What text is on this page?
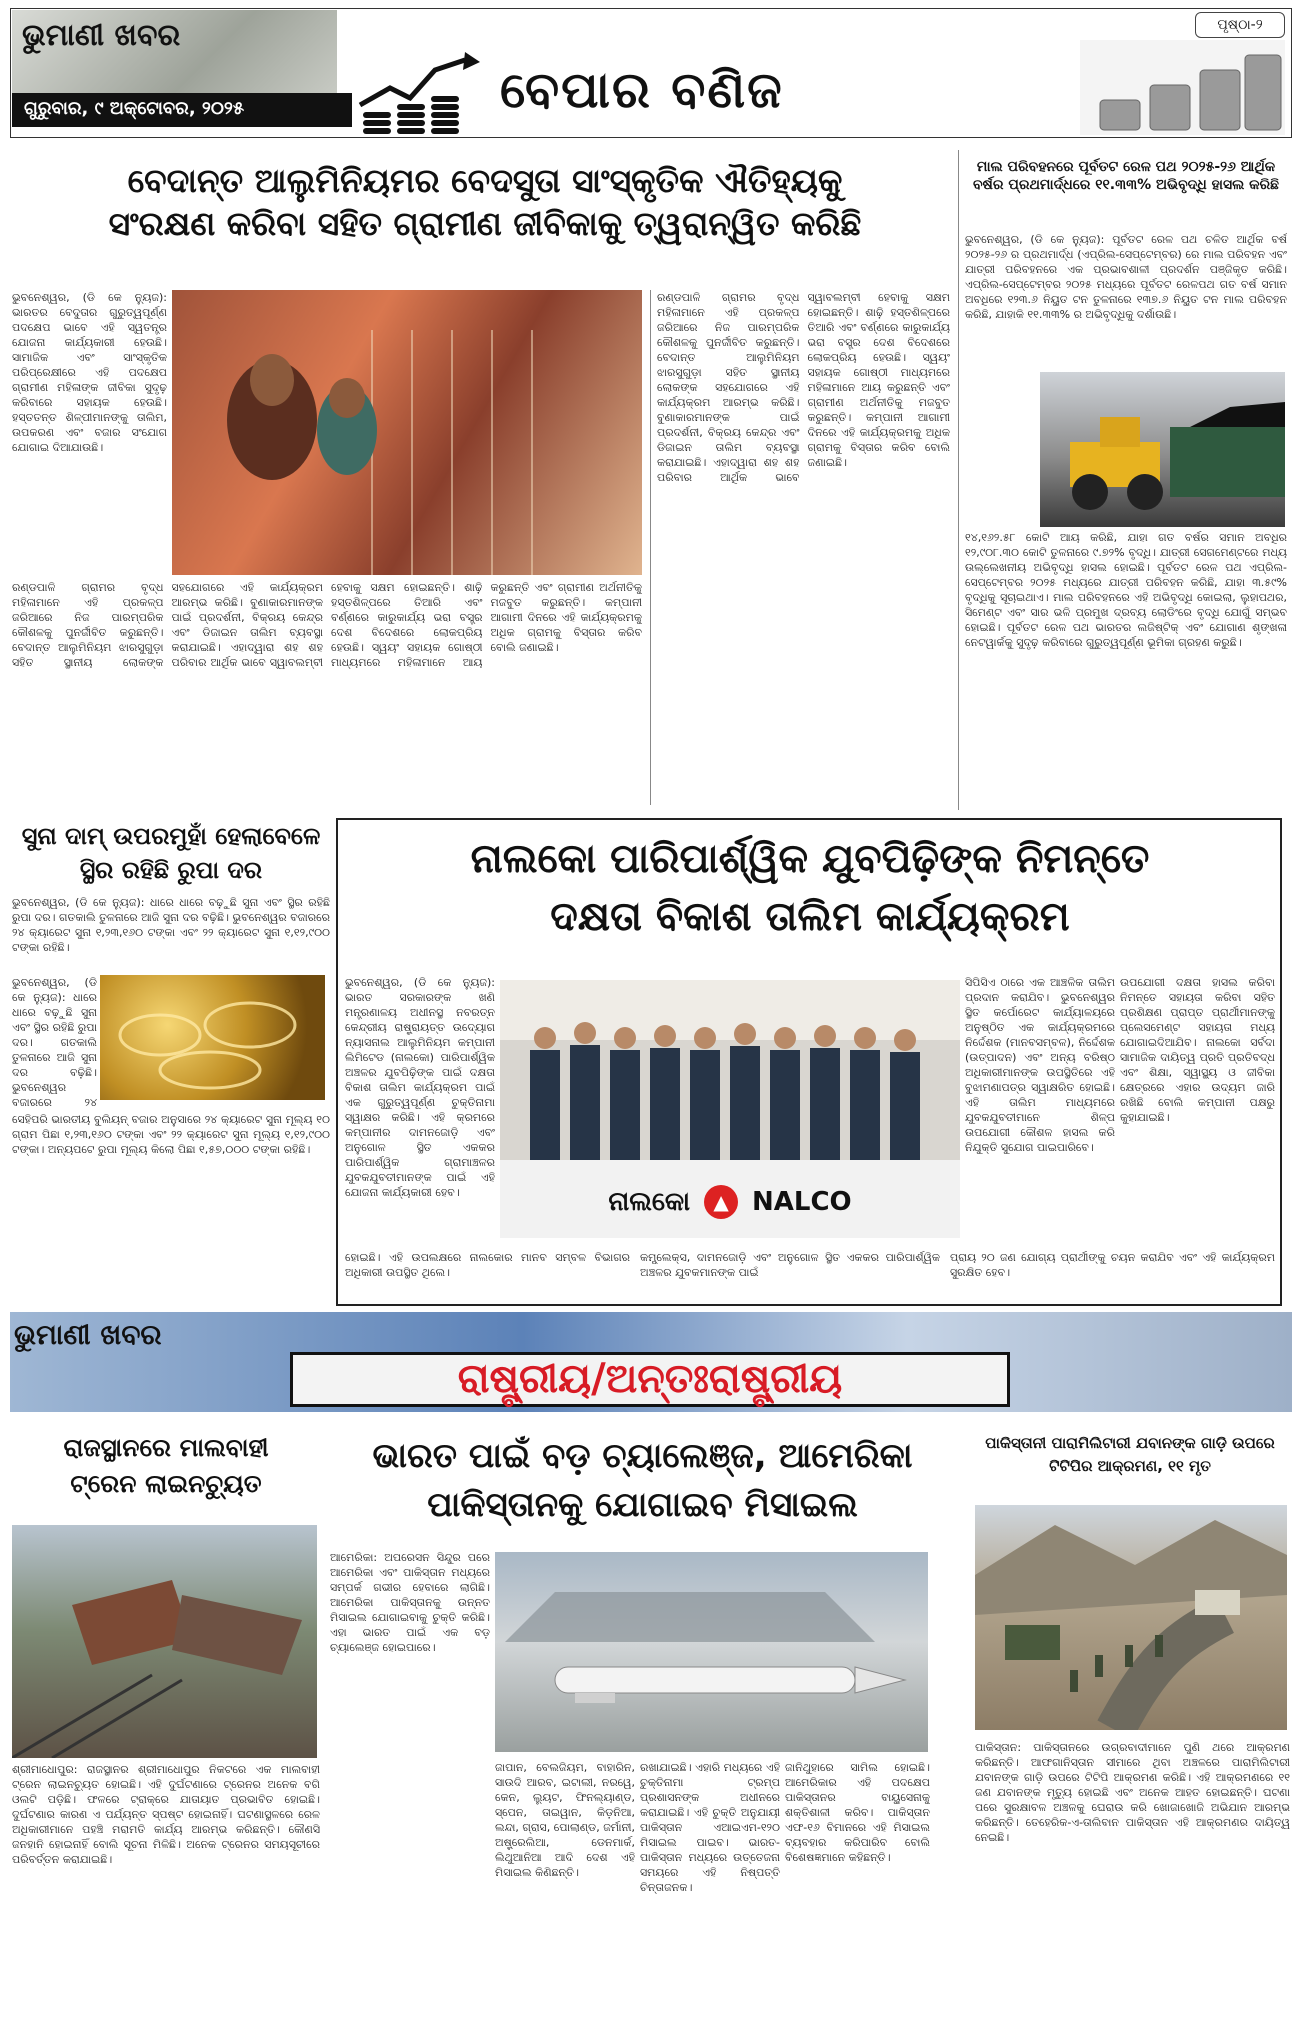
ଭୁମାଣୀ ଖବର
ଗୁରୁବାର, ୯ ଅକ୍ଟୋବର, ୨୦୨୫	ବେପାର ବଣିଜ
ପୃଷ୍ଠା-୨
ବେଦାନ୍ତ ଆଲୁମିନିୟମର ବେଦସୁତା ସାଂସ୍କୃତିକ ଐତିହ୍ୟକୁ
ସଂରକ୍ଷଣ କରିବା ସହିତ ଗ୍ରାମୀଣ ଜୀବିକାକୁ ତ୍ୱରାନ୍ୱିତ କରିଛି
ଭୁବନେଶ୍ୱର, (ଡି କେ ନ୍ୟୁଜ): ଭାରତର ବେଦୁତାର ଗୁରୁତ୍ୱପୂର୍ଣ୍ଣ ପଦକ୍ଷେପ ଭାବେ ଏହି ସ୍ୱତନ୍ତ୍ର ଯୋଜନା କାର୍ଯ୍ୟକାରୀ ହେଉଛି। ସାମାଜିକ ଏବଂ ସାଂସ୍କୃତିକ ପରିପ୍ରେକ୍ଷୀରେ ଏହି ପଦକ୍ଷେପ ଗ୍ରାମୀଣ ମହିଳାଙ୍କ ଜୀବିକା ସୁଦୃଢ଼ କରିବାରେ ସହାୟକ ହେଉଛି। ହସ୍ତତନ୍ତ ଶିଳ୍ପୀମାନଙ୍କୁ ତାଲିମ, ଉପକରଣ ଏବଂ ବଜାର ସଂଯୋଗ ଯୋଗାଇ ଦିଆଯାଉଛି।
ରଣ୍ଡପାଳି ଗ୍ରାମର ବୃଦ୍ଧ ମହିଳାମାନେ ଏହି ପ୍ରକଳ୍ପ ଜରିଆରେ ନିଜ ପାରମ୍ପରିକ କୌଶଳକୁ ପୁନର୍ଜୀବିତ କରୁଛନ୍ତି। ବେଦାନ୍ତ ଆଲୁମିନିୟମ ଝାରସୁଗୁଡ଼ା ସହିତ ସ୍ଥାନୀୟ ଲୋକଙ୍କ ସହଯୋଗରେ ଏହି କାର୍ଯ୍ୟକ୍ରମ ଆରମ୍ଭ କରିଛି। ବୁଣାକାରମାନଙ୍କ ପାଇଁ ପ୍ରଦର୍ଶନୀ, ବିକ୍ରୟ କେନ୍ଦ୍ର ଏବଂ ଡିଜାଇନ ତାଲିମ ବ୍ୟବସ୍ଥା କରାଯାଇଛି। ଏହାଦ୍ୱାରା ଶହ ଶହ ପରିବାର ଆର୍ଥିକ ଭାବେ ସ୍ୱାବଲମ୍ବୀ ହେବାକୁ ସକ୍ଷମ ହୋଇଛନ୍ତି। ଶାଢ଼ି ହସ୍ତଶିଳ୍ପରେ ତିଆରି ଏବଂ ବର୍ଣ୍ଣରେ କାରୁକାର୍ଯ୍ୟ ଭରା ବସ୍ତ୍ର ଦେଶ ବିଦେଶରେ ଲୋକପ୍ରିୟ ହେଉଛି। ସ୍ୱୟଂ ସହାୟକ ଗୋଷ୍ଠୀ ମାଧ୍ୟମରେ ମହିଳାମାନେ ଆୟ କରୁଛନ୍ତି ଏବଂ ଗ୍ରାମୀଣ ଅର୍ଥନୀତିକୁ ମଜବୁତ କରୁଛନ୍ତି। କମ୍ପାନୀ ଆଗାମୀ ଦିନରେ ଏହି କାର୍ଯ୍ୟକ୍ରମକୁ ଅଧିକ ଗ୍ରାମକୁ ବିସ୍ତାର କରିବ ବୋଲି ଜଣାଇଛି।
ରଣ୍ଡପାଳି ଗ୍ରାମର ବୃଦ୍ଧ ମହିଳାମାନେ ଏହି ପ୍ରକଳ୍ପ ଜରିଆରେ ନିଜ ପାରମ୍ପରିକ କୌଶଳକୁ ପୁନର୍ଜୀବିତ କରୁଛନ୍ତି। ବେଦାନ୍ତ ଆଲୁମିନିୟମ ଝାରସୁଗୁଡ଼ା ସହିତ ସ୍ଥାନୀୟ ଲୋକଙ୍କ ସହଯୋଗରେ ଏହି କାର୍ଯ୍ୟକ୍ରମ ଆରମ୍ଭ କରିଛି। ବୁଣାକାରମାନଙ୍କ ପାଇଁ ପ୍ରଦର୍ଶନୀ, ବିକ୍ରୟ କେନ୍ଦ୍ର ଏବଂ ଡିଜାଇନ ତାଲିମ ବ୍ୟବସ୍ଥା କରାଯାଇଛି। ଏହାଦ୍ୱାରା ଶହ ଶହ ପରିବାର ଆର୍ଥିକ ଭାବେ ସ୍ୱାବଲମ୍ବୀ ହେବାକୁ ସକ୍ଷମ ହୋଇଛନ୍ତି। ଶାଢ଼ି ହସ୍ତଶିଳ୍ପରେ ତିଆରି ଏବଂ ବର୍ଣ୍ଣରେ କାରୁକାର୍ଯ୍ୟ ଭରା ବସ୍ତ୍ର ଦେଶ ବିଦେଶରେ ଲୋକପ୍ରିୟ ହେଉଛି। ସ୍ୱୟଂ ସହାୟକ ଗୋଷ୍ଠୀ ମାଧ୍ୟମରେ ମହିଳାମାନେ ଆୟ କରୁଛନ୍ତି ଏବଂ ଗ୍ରାମୀଣ ଅର୍ଥନୀତିକୁ ମଜବୁତ କରୁଛନ୍ତି। କମ୍ପାନୀ ଆଗାମୀ ଦିନରେ ଏହି କାର୍ଯ୍ୟକ୍ରମକୁ ଅଧିକ ଗ୍ରାମକୁ ବିସ୍ତାର କରିବ ବୋଲି ଜଣାଇଛି।
ମାଲ ପରିବହନରେ ପୂର୍ବତଟ ରେଳ ପଥ ୨୦୨୫-୨୬ ଆର୍ଥିକ ବର୍ଷର ପ୍ରଥମାର୍ଦ୍ଧରେ ୧୧.୩୩% ଅଭିବୃଦ୍ଧି ହାସଲ କରିଛି
ଭୁବନେଶ୍ୱର, (ଡି କେ ନ୍ୟୁଜ): ପୂର୍ବତଟ ରେଳ ପଥ ଚଳିତ ଆର୍ଥିକ ବର୍ଷ ୨୦୨୫-୨୬ ର ପ୍ରଥମାର୍ଦ୍ଧ (ଏପ୍ରିଲ-ସେପ୍ଟେମ୍ବର) ରେ ମାଲ ପରିବହନ ଏବଂ ଯାତ୍ରୀ ପରିବହନରେ ଏକ ପ୍ରଭାବଶାଳୀ ପ୍ରଦର୍ଶନ ପଞ୍ଜିକୃତ କରିଛି। ଏପ୍ରିଲ-ସେପ୍ଟେମ୍ବର ୨୦୨୫ ମଧ୍ୟରେ ପୂର୍ବତଟ ରେଳପଥ ଗତ ବର୍ଷ ସମାନ ଅବଧିରେ ୧୨୩.୬ ନିୟୁତ ଟନ ତୁଳନାରେ ୧୩୭.୬ ନିୟୁତ ଟନ ମାଲ ପରିବହନ କରିଛି, ଯାହାକି ୧୧.୩୩% ର ଅଭିବୃଦ୍ଧିକୁ ଦର୍ଶାଉଛି।
୧୪,୧୬୨.୫୮ କୋଟି ଆୟ କରିଛି, ଯାହା ଗତ ବର୍ଷର ସମାନ ଅବଧିର ୧୨,୯୦୮.୩୦ କୋଟି ତୁଳନାରେ ୯.୭୨% ବୃଦ୍ଧି। ଯାତ୍ରୀ ସେଗମେଣ୍ଟରେ ମଧ୍ୟ ଉଲ୍ଲେଖନୀୟ ଅଭିବୃଦ୍ଧି ହାସଲ ହୋଇଛି। ପୂର୍ବତଟ ରେଳ ପଥ ଏପ୍ରିଲ-ସେପ୍ଟେମ୍ବର ୨୦୨୫ ମଧ୍ୟରେ ଯାତ୍ରୀ ପରିବହନ କରିଛି, ଯାହା ୩.୫୯% ବୃଦ୍ଧିକୁ ସୂଚାଇଥାଏ। ମାଲ ପରିବହନରେ ଏହି ଅଭିବୃଦ୍ଧି କୋଇଲା, ଲୁହାପଥର, ସିମେଣ୍ଟ ଏବଂ ସାର ଭଳି ପ୍ରମୁଖ ଦ୍ରବ୍ୟ ଲୋଡିଂରେ ବୃଦ୍ଧି ଯୋଗୁଁ ସମ୍ଭବ ହୋଇଛି। ପୂର୍ବତଟ ରେଳ ପଥ ଭାରତର ଲଜିଷ୍ଟିକ୍ ଏବଂ ଯୋଗାଣ ଶୃଙ୍ଖଳା ନେଟୱାର୍କକୁ ସୁଦୃଢ଼ କରିବାରେ ଗୁରୁତ୍ୱପୂର୍ଣ୍ଣ ଭୂମିକା ଗ୍ରହଣ କରୁଛି।
ସୁନା ଦାମ୍ ଉପରମୁହାଁ ହେଲାବେଳେ
ସ୍ଥିର ରହିଛି ରୁପା ଦର
ଭୁବନେଶ୍ୱର, (ଡି କେ ନ୍ୟୁଜ): ଧାରେ ଧାରେ ବଢ଼ୁଛି ସୁନା ଏବଂ ସ୍ଥିର ରହିଛି ରୁପା ଦର। ଗତକାଲି ତୁଳନାରେ ଆଜି ସୁନା ଦର ବଢ଼ିଛି। ଭୁବନେଶ୍ୱର ବଜାରରେ ୨୪ କ୍ୟାରେଟ ସୁନା ୧,୨୩,୧୬୦ ଟଙ୍କା ଏବଂ ୨୨ କ୍ୟାରେଟ ସୁନା ୧,୧୨,୯୦୦ ଟଙ୍କା ରହିଛି।
ଭୁବନେଶ୍ୱର, (ଡି କେ ନ୍ୟୁଜ): ଧାରେ ଧାରେ ବଢ଼ୁଛି ସୁନା ଏବଂ ସ୍ଥିର ରହିଛି ରୁପା ଦର। ଗତକାଲି ତୁଳନାରେ ଆଜି ସୁନା ଦର ବଢ଼ିଛି। ଭୁବନେଶ୍ୱର ବଜାରରେ ୨୪
ସେହିପରି ଭାରତୀୟ ବୁଲିୟନ୍ ବଜାର ଅନୁସାରେ ୨୪ କ୍ୟାରେଟ ସୁନା ମୂଲ୍ୟ ୧୦ ଗ୍ରାମ ପିଛା ୧,୨୩,୧୬୦ ଟଙ୍କା ଏବଂ ୨୨ କ୍ୟାରେଟ ସୁନା ମୂଲ୍ୟ ୧,୧୨,୯୦୦ ଟଙ୍କା। ଅନ୍ୟପଟେ ରୁପା ମୂଲ୍ୟ କିଲୋ ପିଛା ୧,୫୭,୦୦୦ ଟଙ୍କା ରହିଛି।
ନାଲକୋ ପାରିପାର୍ଶ୍ୱିକ ଯୁବପିଢ଼ିଙ୍କ ନିମନ୍ତେ
ଦକ୍ଷତା ବିକାଶ ତାଲିମ କାର୍ଯ୍ୟକ୍ରମ
ଭୁବନେଶ୍ୱର, (ଡି କେ ନ୍ୟୁଜ): ଭାରତ ସରକାରଙ୍କ ଖଣି ମନ୍ତ୍ରଣାଳୟ ଅଧୀନସ୍ଥ ନବରତ୍ନ କେନ୍ଦ୍ରୀୟ ରାଷ୍ଟ୍ରାୟତ୍ତ ଉଦ୍ୟୋଗ ନ୍ୟାସନାଲ ଆଲୁମିନିୟମ କମ୍ପାନୀ ଲିମିଟେଡ (ନାଲକୋ) ପାରିପାର୍ଶ୍ୱିକ ଅଞ୍ଚଳର ଯୁବପିଢ଼ିଙ୍କ ପାଇଁ ଦକ୍ଷତା ବିକାଶ ତାଲିମ କାର୍ଯ୍ୟକ୍ରମ ପାଇଁ ଏକ ଗୁରୁତ୍ୱପୂର୍ଣ୍ଣ ଚୁକ୍ତିନାମା ସ୍ୱାକ୍ଷର କରିଛି। ଏହି କ୍ରମରେ କମ୍ପାନୀର ଦାମନଜୋଡ଼ି ଏବଂ ଅନୁଗୋଳ ସ୍ଥିତ ଏକକର ପାରିପାର୍ଶ୍ୱିକ ଗ୍ରାମାଞ୍ଚଳର ଯୁବକଯୁବତୀମାନଙ୍କ ପାଇଁ ଏହି ଯୋଜନା କାର୍ଯ୍ୟକାରୀ ହେବ।	ନାଲକୋ	▲ NALCO
ସିପିସିଏ ଠାରେ ଏକ ଆଞ୍ଚଳିକ ତାଲିମ ପ୍ରଦାନ କରାଯିବ। ଭୁବନେଶ୍ୱର ସ୍ଥିତ କର୍ପୋରେଟ କାର୍ଯ୍ୟାଳୟରେ ଅନୁଷ୍ଠିତ ଏକ କାର୍ଯ୍ୟକ୍ରମରେ ନିର୍ଦ୍ଦେଶକ (ମାନବସମ୍ବଳ), ନିର୍ଦ୍ଦେଶକ (ଉତ୍ପାଦନ) ଏବଂ ଅନ୍ୟ ବରିଷ୍ଠ ଅଧିକାରୀମାନଙ୍କ ଉପସ୍ଥିତିରେ ଏହି ବୁଝାମଣାପତ୍ର ସ୍ୱାକ୍ଷରିତ ହୋଇଛି। ଏହି ତାଲିମ ମାଧ୍ୟମରେ ଯୁବକଯୁବତୀମାନେ ଶିଳ୍ପ ଉପଯୋଗୀ କୌଶଳ ହାସଲ କରି ନିଯୁକ୍ତି ସୁଯୋଗ ପାଇପାରିବେ।
ଉପଯୋଗୀ ଦକ୍ଷତା ହାସଲ କରିବା ନିମନ୍ତେ ସହାୟତା କରିବା ସହିତ ପ୍ରଶିକ୍ଷଣ ପ୍ରାପ୍ତ ପ୍ରାର୍ଥୀମାନଙ୍କୁ ପ୍ଲେସମେଣ୍ଟ ସହାୟତା ମଧ୍ୟ ଯୋଗାଇଦିଆଯିବ। ନାଲକୋ ସର୍ବଦା ସାମାଜିକ ଦାୟିତ୍ୱ ପ୍ରତି ପ୍ରତିବଦ୍ଧ ଏବଂ ଶିକ୍ଷା, ସ୍ୱାସ୍ଥ୍ୟ ଓ ଜୀବିକା କ୍ଷେତ୍ରରେ ଏହାର ଉଦ୍ୟମ ଜାରି ରଖିଛି ବୋଲି କମ୍ପାନୀ ପକ୍ଷରୁ କୁହାଯାଇଛି।
ହୋଇଛି। ଏହି ଉପଲକ୍ଷରେ ନାଲକୋର ମାନବ ସମ୍ବଳ ବିଭାଗର ଅଧିକାରୀ ଉପସ୍ଥିତ ଥିଲେ।
କମ୍ପ୍ଲେକ୍ସ, ଦାମନଜୋଡ଼ି ଏବଂ ଅନୁଗୋଳ ସ୍ଥିତ ଏକକର ପାରିପାର୍ଶ୍ୱିକ ଅଞ୍ଚଳର ଯୁବକମାନଙ୍କ ପାଇଁ
ପ୍ରାୟ ୨୦ ଜଣ ଯୋଗ୍ୟ ପ୍ରାର୍ଥୀଙ୍କୁ ଚୟନ କରାଯିବ ଏବଂ ଏହି କାର୍ଯ୍ୟକ୍ରମ ସୁରକ୍ଷିତ ହେବ।
ଭୁମାଣୀ ଖବର
ରାଷ୍ଟ୍ରୀୟ/ଅନ୍ତଃରାଷ୍ଟ୍ରୀୟ
ରାଜସ୍ଥାନରେ ମାଲବାହୀ
ଟ୍ରେନ ଲାଇନଚ୍ୟୁତ
ଶ୍ରୀମାଧୋପୁର: ରାଜସ୍ଥାନର ଶ୍ରୀମାଧୋପୁର ନିକଟରେ ଏକ ମାଲବାହୀ ଟ୍ରେନ ଲାଇନଚ୍ୟୁତ ହୋଇଛି। ଏହି ଦୁର୍ଘଟଣାରେ ଟ୍ରେନର ଅନେକ ବଗି ଓଲଟି ପଡ଼ିଛି। ଫଳରେ ଟ୍ରାକ୍‌ରେ ଯାତାୟାତ ପ୍ରଭାବିତ ହୋଇଛି। ଦୁର୍ଘଟଣାର କାରଣ ଏ ପର୍ଯ୍ୟନ୍ତ ସ୍ପଷ୍ଟ ହୋଇନାହିଁ। ଘଟଣାସ୍ଥଳରେ ରେଳ ଅଧିକାରୀମାନେ ପହଞ୍ଚି ମରାମତି କାର୍ଯ୍ୟ ଆରମ୍ଭ କରିଛନ୍ତି। କୌଣସି ଜନହାନି ହୋଇନାହିଁ ବୋଲି ସୂଚନା ମିଳିଛି। ଅନେକ ଟ୍ରେନର ସମୟସୂଚୀରେ ପରିବର୍ତ୍ତନ କରାଯାଇଛି।
ଭାରତ ପାଇଁ ବଡ଼ ଚ୍ୟାଲେଞ୍ଜ, ଆମେରିକା
ପାକିସ୍ତାନକୁ ଯୋଗାଇବ ମିସାଇଲ
ଆମେରିକା: ଅପରେସନ ସିନ୍ଦୁର ପରେ ଆମେରିକା ଏବଂ ପାକିସ୍ତାନ ମଧ୍ୟରେ ସମ୍ପର୍କ ଗଭୀର ହେବାରେ ଲାଗିଛି। ଆମେରିକା ପାକିସ୍ତାନକୁ ଉନ୍ନତ ମିସାଇଲ ଯୋଗାଇବାକୁ ଚୁକ୍ତି କରିଛି। ଏହା ଭାରତ ପାଇଁ ଏକ ବଡ଼ ଚ୍ୟାଲେଞ୍ଜ ହୋଇପାରେ।
ଜାପାନ, ବେଲଜିୟମ, ବାହାରିନ, ସାଉଦି ଆରବ, ଇଟାଲୀ, ନରୱେ, କେନ, ଲ୍ୟୁଟ, ଫିନଲ୍ୟାଣ୍ଡ, ସ୍ପେନ, ତାଇୱାନ, କିଡ଼ନିଆ, ଲନ୍ଦା, ଗ୍ରାସ, ପୋଲାଣ୍ଡ, ଜର୍ମାନୀ, ଅଷ୍ଟ୍ରେଲିଆ, ଡେନମାର୍କ, ଲିଥୁଆନିଆ ଆଦି ଦେଶ ଏହି ମିସାଇଲ କିଣିଛନ୍ତି।
ରଖାଯାଇଛି। ଏହାରି ମଧ୍ୟରେ ଏହି ଚୁକ୍ତିନାମା ଟ୍ରମ୍ପ ପ୍ରଶାସନଙ୍କ ଅଧୀନରେ କରାଯାଇଛି। ଏହି ଚୁକ୍ତି ଅନୁଯାୟୀ ପାକିସ୍ତାନ ଏଆଇଏମ-୧୨୦ ମିସାଇଲ ପାଇବ। ଭାରତ-ପାକିସ୍ତାନ ମଧ୍ୟରେ ଉତ୍ତେଜନା ସମୟରେ ଏହି ନିଷ୍ପତ୍ତି ଚିନ୍ତାଜନକ।
ଜାନିଥୁହାରେ ସାମିଲ ହୋଇଛି। ଆମେରିକାର ଏହି ପଦକ୍ଷେପ ପାକିସ୍ତାନର ବାୟୁସେନାକୁ ଶକ୍ତିଶାଳୀ କରିବ। ପାକିସ୍ତାନ ଏଫ-୧୬ ବିମାନରେ ଏହି ମିସାଇଲ ବ୍ୟବହାର କରିପାରିବ ବୋଲି ବିଶେଷଜ୍ଞମାନେ କହିଛନ୍ତି।
ପାକିସ୍ତାନୀ ପାରାମିଲିଟାରୀ ଯବାନଙ୍କ ଗାଡ଼ି ଉପରେ
ଟିଟିପିର ଆକ୍ରମଣ, ୧୧ ମୃତ
ପାକିସ୍ତାନ: ପାକିସ୍ତାନରେ ଉଗ୍ରବାଦୀମାନେ ପୁଣି ଥରେ ଆକ୍ରମଣ କରିଛନ୍ତି। ଆଫଗାନିସ୍ତାନ ସୀମାରେ ଥିବା ଅଞ୍ଚଳରେ ପାରାମିଲିଟାରୀ ଯବାନଙ୍କ ଗାଡ଼ି ଉପରେ ଟିଟିପି ଆକ୍ରମଣ କରିଛି। ଏହି ଆକ୍ରମଣରେ ୧୧ ଜଣ ଯବାନଙ୍କ ମୃତ୍ୟୁ ହୋଇଛି ଏବଂ ଅନେକ ଆହତ ହୋଇଛନ୍ତି। ଘଟଣା ପରେ ସୁରକ୍ଷାବଳ ଅଞ୍ଚଳକୁ ଘେରାଉ କରି ଖୋଜାଖୋଜି ଅଭିଯାନ ଆରମ୍ଭ କରିଛନ୍ତି। ତେହେରିକ-ଏ-ତାଲିବାନ ପାକିସ୍ତାନ ଏହି ଆକ୍ରମଣର ଦାୟିତ୍ୱ ନେଇଛି।
